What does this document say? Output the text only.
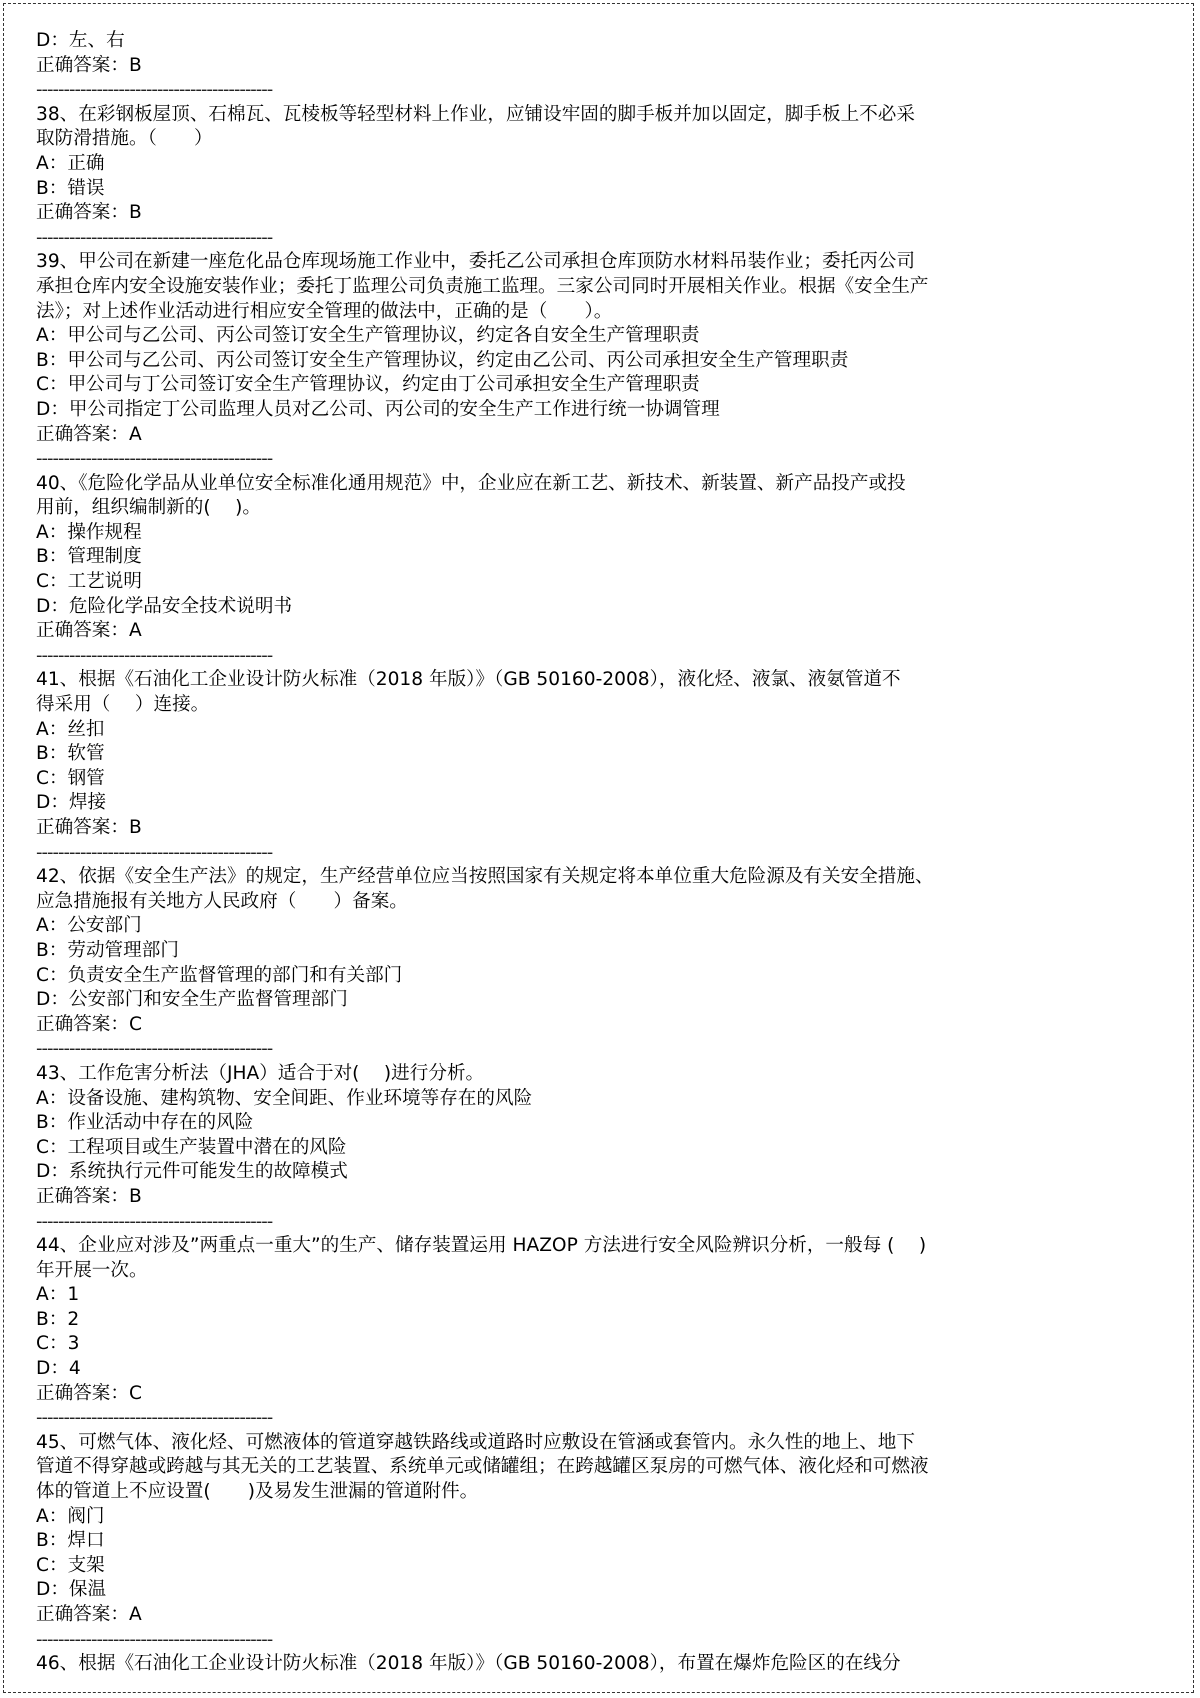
D：左、右
正确答案：B
-------------------------------------------
38、在彩钢板屋顶、石棉瓦、瓦棱板等轻型材料上作业，应铺设牢固的脚手板并加以固定，脚手板上不必采
取防滑措施。（　　）
A：正确
B：错误
正确答案：B
-------------------------------------------
39、甲公司在新建一座危化品仓库现场施工作业中，委托乙公司承担仓库顶防水材料吊装作业；委托丙公司
承担仓库内安全设施安装作业；委托丁监理公司负责施工监理。三家公司同时开展相关作业。根据《安全生产
法》；对上述作业活动进行相应安全管理的做法中，正确的是（　　）。
A：甲公司与乙公司、丙公司签订安全生产管理协议，约定各自安全生产管理职责
B：甲公司与乙公司、丙公司签订安全生产管理协议，约定由乙公司、丙公司承担安全生产管理职责
C：甲公司与丁公司签订安全生产管理协议，约定由丁公司承担安全生产管理职责
D：甲公司指定丁公司监理人员对乙公司、丙公司的安全生产工作进行统一协调管理
正确答案：A
-------------------------------------------
40、《危险化学品从业单位安全标准化通用规范》中，企业应在新工艺、新技术、新装置、新产品投产或投
用前，组织编制新的(　 )。
A：操作规程
B：管理制度
C：工艺说明
D：危险化学品安全技术说明书
正确答案：A
-------------------------------------------
41、根据《石油化工企业设计防火标准（2018 年版）》（GB 50160-2008），液化烃、液氯、液氨管道不
得采用（　 ）连接。
A：丝扣
B：软管
C：钢管
D：焊接
正确答案：B
-------------------------------------------
42、依据《安全生产法》的规定，生产经营单位应当按照国家有关规定将本单位重大危险源及有关安全措施、
应急措施报有关地方人民政府（　　）备案。
A：公安部门
B：劳动管理部门
C：负责安全生产监督管理的部门和有关部门
D：公安部门和安全生产监督管理部门
正确答案：C
-------------------------------------------
43、工作危害分析法（JHA）适合于对(　 )进行分析。
A：设备设施、建构筑物、安全间距、作业环境等存在的风险
B：作业活动中存在的风险
C：工程项目或生产装置中潜在的风险
D：系统执行元件可能发生的故障模式
正确答案：B
-------------------------------------------
44、企业应对涉及”两重点一重大”的生产、储存装置运用 HAZOP 方法进行安全风险辨识分析，一般每 (　 )
年开展一次。
A：1
B：2
C：3
D：4
正确答案：C
-------------------------------------------
45、可燃气体、液化烃、可燃液体的管道穿越铁路线或道路时应敷设在管涵或套管内。永久性的地上、地下
管道不得穿越或跨越与其无关的工艺装置、系统单元或储罐组；在跨越罐区泵房的可燃气体、液化烃和可燃液
体的管道上不应设置(　　)及易发生泄漏的管道附件。
A：阀门
B：焊口
C：支架
D：保温
正确答案：A
-------------------------------------------
46、根据《石油化工企业设计防火标准（2018 年版）》（GB 50160-2008），布置在爆炸危险区的在线分
